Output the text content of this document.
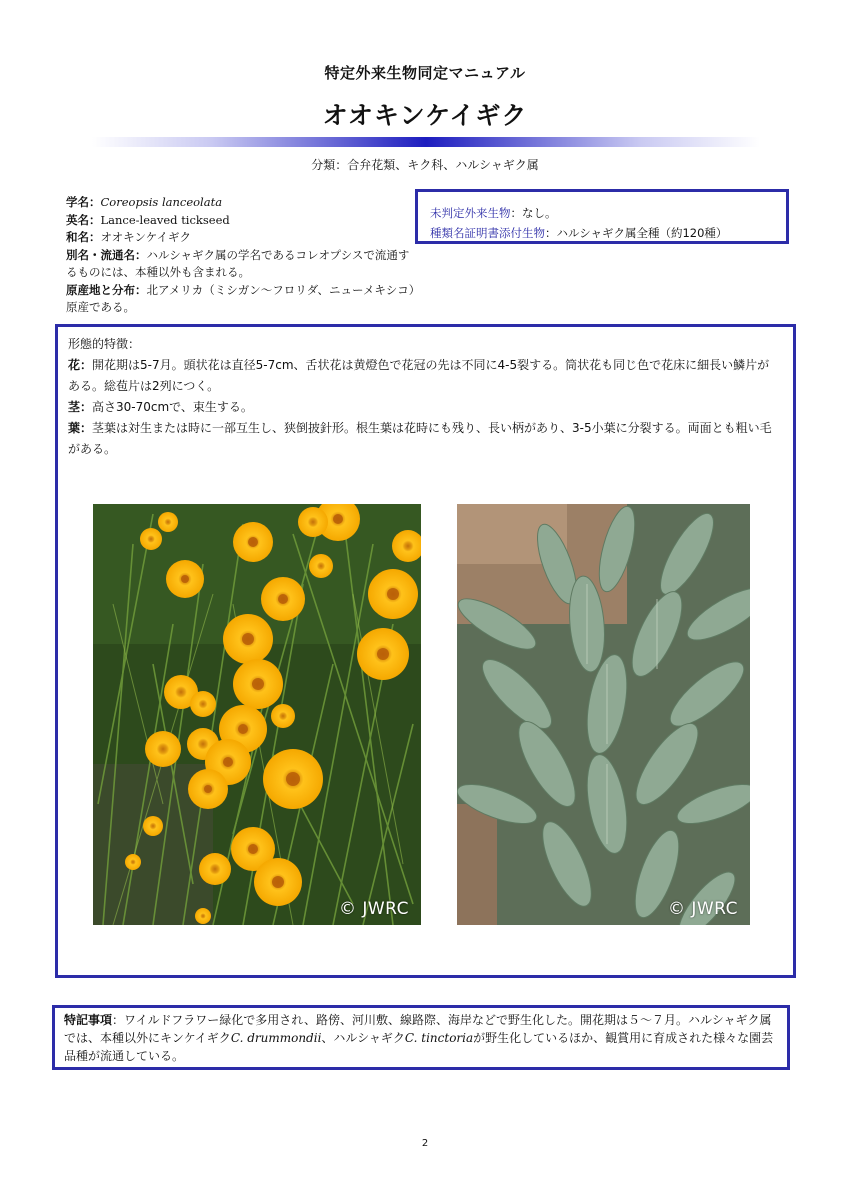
特定外来生物同定マニュアル
オオキンケイギク
分類：合弁花類、キク科、ハルシャギク属

学名：Coreopsis lanceolata

英名：Lance-leaved tickseed

和名：オオキンケイギク

別名・流通名：ハルシャギク属の学名であるコレオプシスで流通するものには、本種以外も含まれる。

原産地と分布：北アメリカ（ミシガン～フロリダ、ニューメキシコ）原産である。

未判定外来生物：なし。
種類名証明書添付生物：ハルシャギク属全種（約120種）

形態的特徴：

花：開花期は5-7月。頭状花は直径5-7cm、舌状花は黄燈色で花冠の先は不同に4-5裂する。筒状花も同じ色で花床に細長い鱗片がある。総苞片は2列につく。

茎：高さ30-70cmで、束生する。

葉：茎葉は対生または時に一部互生し、狭倒披針形。根生葉は花時にも残り、長い柄があり、3-5小葉に分裂する。両面とも粗い毛がある。

© JWRC	© JWRC
特記事項：ワイルドフラワー緑化で多用され、路傍、河川敷、線路際、海岸などで野生化した。開花期は５～７月。ハルシャギク属では、本種以外にキンケイギクC. drummondii、ハルシャギクC. tinctoriaが野生化しているほか、観賞用に育成された様々な園芸品種が流通している。
2
